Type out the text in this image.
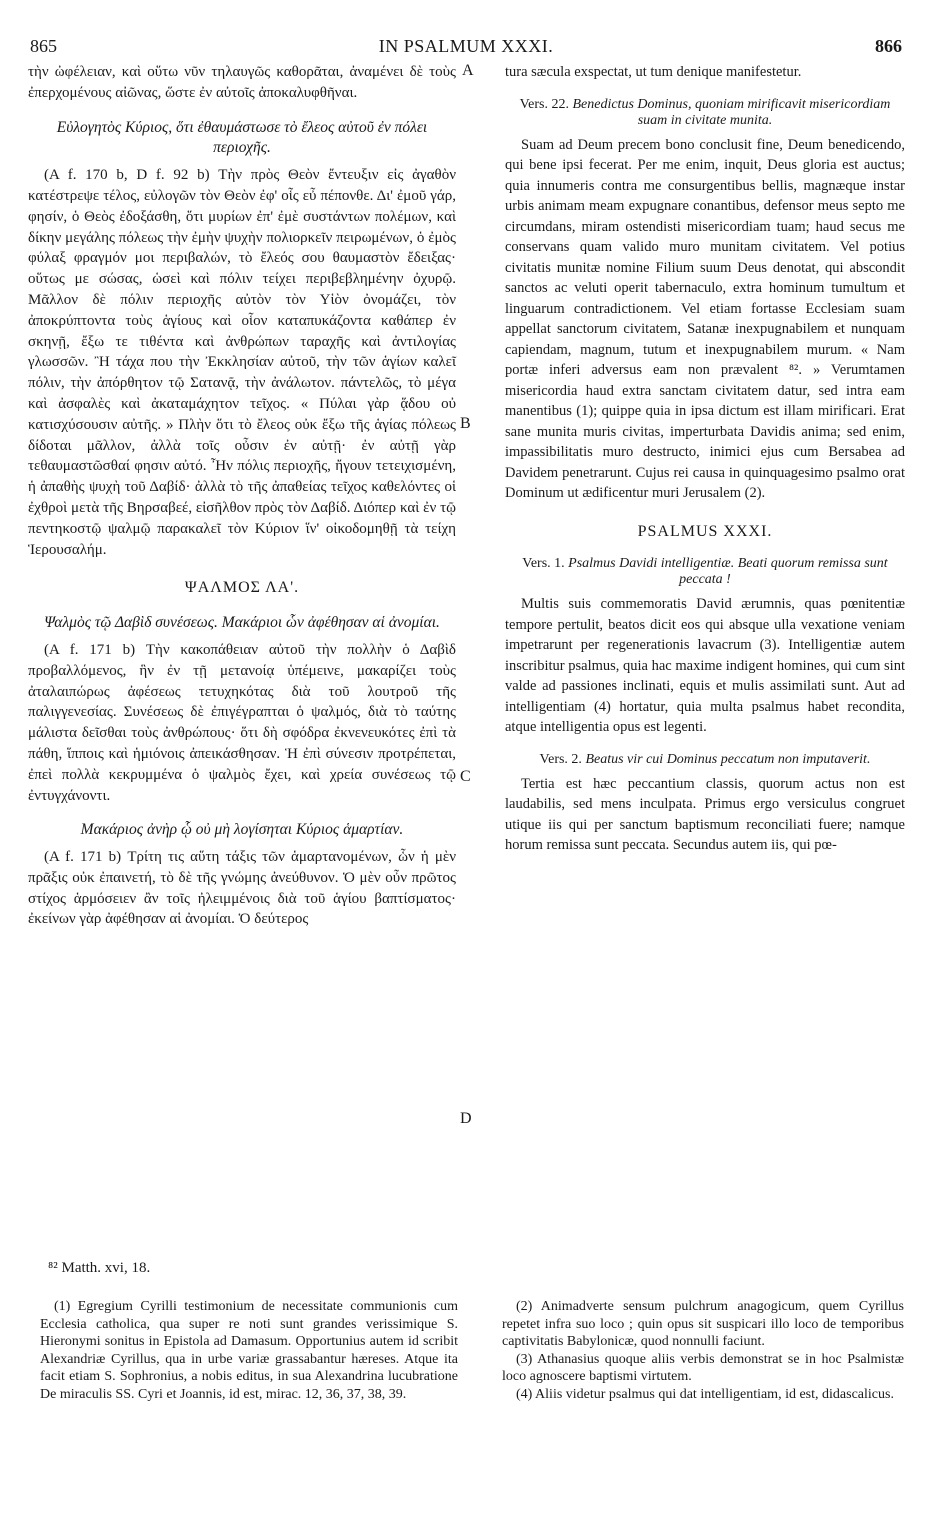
865	IN PSALMUM XXXI.	866

τὴν ὠφέλειαν, καὶ οὕτω νῦν τηλαυγῶς καθορᾶται, ἀναμένει δὲ τοὺς ἐπερχομένους αἰῶνας, ὥστε ἐν αὐτοῖς ἀποκαλυφθῆναι.

Εὐλογητὸς Κύριος, ὅτι ἐθαυμάστωσε τὸ ἔλεος αὐτοῦ ἐν πόλει περιοχῆς.

(A f. 170 b, D f. 92 b) Τὴν πρὸς Θεὸν ἔντευξιν εἰς ἀγαθὸν κατέστρεψε τέλος, εὐλογῶν τὸν Θεὸν ἐφ' οἷς εὖ πέπονθε. Δι' ἐμοῦ γάρ, φησίν, ὁ Θεὸς ἐδοξάσθη, ὅτι μυρίων ἐπ' ἐμὲ συστάντων πολέμων, καὶ δίκην μεγάλης πόλεως τὴν ἐμὴν ψυχὴν πολιορκεῖν πειρωμένων, ὁ ἐμὸς φύλαξ φραγμόν μοι περιβαλών, τὸ ἔλεός σου θαυμαστὸν ἔδειξας· οὕτως με σώσας, ὡσεὶ καὶ πόλιν τείχει περιβεβλημένην ὀχυρῷ. Μᾶλλον δὲ πόλιν περιοχῆς αὐτὸν τὸν Υἱὸν ὀνομάζει, τὸν ἀποκρύπτοντα τοὺς ἁγίους καὶ οἷον καταπυκάζοντα καθάπερ ἐν σκηνῇ, ἔξω τε τιθέντα καὶ ἀνθρώπων ταραχῆς καὶ ἀντιλογίας γλωσσῶν. Ἢ τάχα που τὴν Ἐκκλησίαν αὐτοῦ, τὴν τῶν ἁγίων καλεῖ πόλιν, τὴν ἀπόρθητον τῷ Σατανᾷ, τὴν ἀνάλωτον. πάντελῶς, τὸ μέγα καὶ ἀσφαλὲς καὶ ἀκαταμάχητον τεῖχος. « Πύλαι γὰρ ᾅδου οὐ κατισχύσουσιν αὐτῆς. » Πλὴν ὅτι τὸ ἔλεος οὐκ ἔξω τῆς ἁγίας πόλεως δίδοται μᾶλλον, ἀλλὰ τοῖς οὖσιν ἐν αὐτῇ· ἐν αὐτῇ γὰρ τεθαυμαστῶσθαί φησιν αὐτό. Ἦν πόλις περιοχῆς, ἤγουν τετειχισμένη, ἡ ἀπαθὴς ψυχὴ τοῦ Δαβίδ· ἀλλὰ τὸ τῆς ἀπαθείας τεῖχος καθελόντες οἱ ἐχθροὶ μετὰ τῆς Βηρσαβεέ, εἰσῆλθον πρὸς τὸν Δαβίδ. Διόπερ καὶ ἐν τῷ πεντηκοστῷ ψαλμῷ παρακαλεῖ τὸν Κύριον ἵν' οἰκοδομηθῇ τὰ τείχη Ἱερουσαλήμ.

ΨΑΛΜΟΣ ΛΑ'.

Ψαλμὸς τῷ Δαβὶδ συνέσεως. Μακάριοι ὧν ἀφέθησαν αἱ ἀνομίαι.

(A f. 171 b) Τὴν κακοπάθειαν αὐτοῦ τὴν πολλὴν ὁ Δαβὶδ προβαλλόμενος, ἣν ἐν τῇ μετανοίᾳ ὑπέμεινε, μακαρίζει τοὺς ἀταλαιπώρως ἀφέσεως τετυχηκότας διὰ τοῦ λουτροῦ τῆς παλιγγενεσίας. Συνέσεως δὲ ἐπιγέγραπται ὁ ψαλμός, διὰ τὸ ταύτης μάλιστα δεῖσθαι τοὺς ἀνθρώπους· ὅτι δὴ σφόδρα ἐκνενευκότες ἐπὶ τὰ πάθη, ἵπποις καὶ ἡμιόνοις ἀπεικάσθησαν. Ἡ ἐπὶ σύνεσιν προτρέπεται, ἐπεὶ πολλὰ κεκρυμμένα ὁ ψαλμὸς ἔχει, καὶ χρεία συνέσεως τῷ ἐντυγχάνοντι.

Μακάριος ἀνὴρ ᾧ οὐ μὴ λογίσηται Κύριος ἁμαρτίαν.

(A f. 171 b) Τρίτη τις αὕτη τάξις τῶν ἁμαρτανομένων, ὧν ἡ μὲν πρᾶξις οὐκ ἐπαινετή, τὸ δὲ τῆς γνώμης ἀνεύθυνον. Ὁ μὲν οὖν πρῶτος στίχος ἁρμόσειεν ἂν τοῖς ἠλειμμένοις διὰ τοῦ ἁγίου βαπτίσματος· ἐκείνων γὰρ ἀφέθησαν αἱ ἀνομίαι. Ὁ δεύτερος

tura sæcula exspectat, ut tum denique manifestetur.

Vers. 22. Benedictus Dominus, quoniam mirificavit misericordiam suam in civitate munita.

Suam ad Deum precem bono conclusit fine, Deum benedicendo, qui bene ipsi fecerat. Per me enim, inquit, Deus gloria est auctus; quia innumeris contra me consurgentibus bellis, magnæque instar urbis animam meam expugnare conantibus, defensor meus septo me circumdans, miram ostendisti misericordiam tuam; haud secus me conservans quam valido muro munitam civitatem. Vel potius civitatis munitæ nomine Filium suum Deus denotat, qui abscondit sanctos ac veluti operit tabernaculo, extra hominum tumultum et linguarum contradictionem. Vel etiam fortasse Ecclesiam suam appellat sanctorum civitatem, Satanæ inexpugnabilem et nunquam capiendam, magnum, tutum et inexpugnabilem murum. « Nam portæ inferi adversus eam non prævalent ⁸². » Verumtamen misericordia haud extra sanctam civitatem datur, sed intra eam manentibus (1); quippe quia in ipsa dictum est illam mirificari. Erat sane munita muris civitas, imperturbata Davidis anima; sed enim, impassibilitatis muro destructo, inimici ejus cum Bersabea ad Davidem penetrarunt. Cujus rei causa in quinquagesimo psalmo orat Dominum ut ædificentur muri Jerusalem (2).

PSALMUS XXXI.

Vers. 1. Psalmus Davidi intelligentiæ. Beati quorum remissa sunt peccata !

Multis suis commemoratis David ærumnis, quas pœnitentiæ tempore pertulit, beatos dicit eos qui absque ulla vexatione veniam impetrarunt per regenerationis lavacrum (3). Intelligentiæ autem inscribitur psalmus, quia hac maxime indigent homines, qui cum sint valde ad passiones inclinati, equis et mulis assimilati sunt. Aut ad intelligentiam (4) hortatur, quia multa psalmus habet recondita, atque intelligentia opus est legenti.

Vers. 2. Beatus vir cui Dominus peccatum non imputaverit.

Tertia est hæc peccantium classis, quorum actus non est laudabilis, sed mens inculpata. Primus ergo versiculus congruet utique iis qui per sanctum baptismum reconciliati fuere; namque horum remissa sunt peccata. Secundus autem iis, qui pœ-

A
B
C
D
⁸² Matth. xvi, 18.

(1) Egregium Cyrilli testimonium de necessitate communionis cum Ecclesia catholica, qua super re noti sunt grandes verissimique S. Hieronymi sonitus in Epistola ad Damasum. Opportunius autem id scribit Alexandriæ Cyrillus, qua in urbe variæ grassabantur hæreses. Atque ita facit etiam S. Sophronius, a nobis editus, in sua Alexandrina lucubratione De miraculis SS. Cyri et Joannis, id est, mirac. 12, 36, 37, 38, 39.

(2) Animadverte sensum pulchrum anagogicum, quem Cyrillus repetet infra suo loco ; quin opus sit suspicari illo loco de temporibus captivitatis Babylonicæ, quod nonnulli faciunt.

(3) Athanasius quoque aliis verbis demonstrat se in hoc Psalmistæ loco agnoscere baptismi virtutem.

(4) Aliis videtur psalmus qui dat intelligentiam, id est, didascalicus.
